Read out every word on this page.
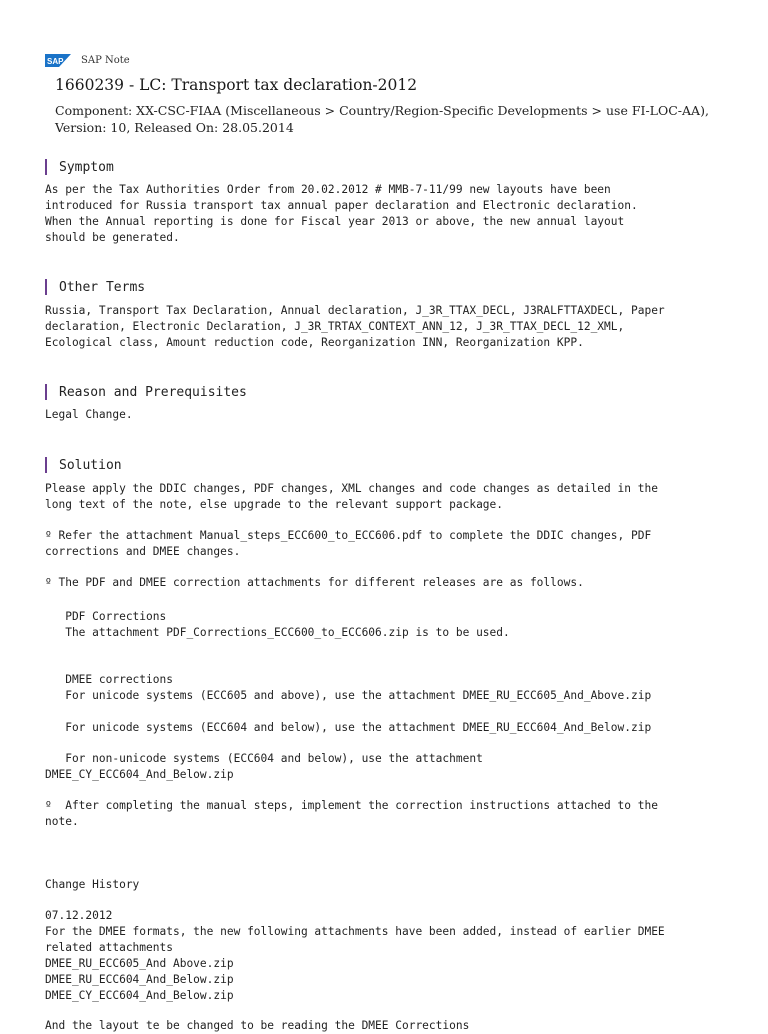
SAP SAP Note
1660239 - LC: Transport tax declaration-2012
Component: XX-CSC-FIAA (Miscellaneous > Country/Region-Specific Developments > use FI-LOC-AA),
Version: 10, Released On: 28.05.2014
Symptom
As per the Tax Authorities Order from 20.02.2012 # MMB-7-11/99 new layouts have been
introduced for Russia transport tax annual paper declaration and Electronic declaration.
When the Annual reporting is done for Fiscal year 2013 or above, the new annual layout
should be generated.
Other Terms
Russia, Transport Tax Declaration, Annual declaration, J_3R_TTAX_DECL, J3RALFTTAXDECL, Paper
declaration, Electronic Declaration, J_3R_TRTAX_CONTEXT_ANN_12, J_3R_TTAX_DECL_12_XML,
Ecological class, Amount reduction code, Reorganization INN, Reorganization KPP.
Reason and Prerequisites
Legal Change.
Solution
Please apply the DDIC changes, PDF changes, XML changes and code changes as detailed in the
long text of the note, else upgrade to the relevant support package.
º Refer the attachment Manual_steps_ECC600_to_ECC606.pdf to complete the DDIC changes, PDF
corrections and DMEE changes.
º The PDF and DMEE correction attachments for different releases are as follows.
PDF Corrections
The attachment PDF_Corrections_ECC600_to_ECC606.zip is to be used.
DMEE corrections
For unicode systems (ECC605 and above), use the attachment DMEE_RU_ECC605_And_Above.zip
For unicode systems (ECC604 and below), use the attachment DMEE_RU_ECC604_And_Below.zip
For non-unicode systems (ECC604 and below), use the attachment
DMEE_CY_ECC604_And_Below.zip
º  After completing the manual steps, implement the correction instructions attached to the
note.
Change History
07.12.2012
For the DMEE formats, the new following attachments have been added, instead of earlier DMEE
related attachments
DMEE_RU_ECC605_And Above.zip
DMEE_RU_ECC604_And_Below.zip
DMEE_CY_ECC604_And_Below.zip
And the layout te be changed to be reading the DMEE Corrections
